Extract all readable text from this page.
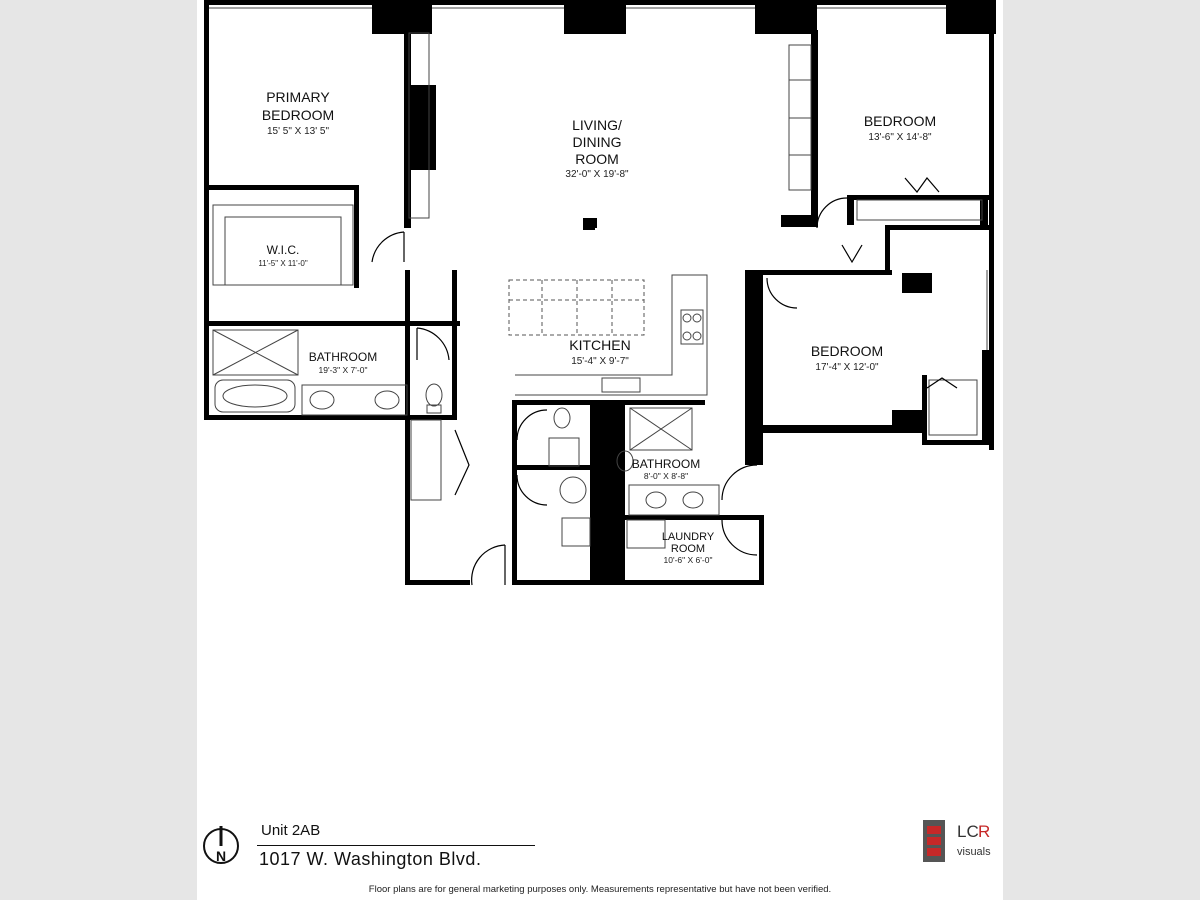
PRIMARY
BEDROOM
15' 5" X 13' 5"	LIVING/
DINING
ROOM
32'-0" X 19'-8"
BEDROOM
13'-6" X 14'-8"
W.I.C.
11'-5" X 11'-0"
BATHROOM
19'-3" X 7'-0"
KITCHEN
15'-4" X 9'-7"
BEDROOM
17'-4" X 12'-0"
BATHROOM
8'-0" X 8'-8"
LAUNDRY
ROOM
10'-6" X 6'-0"
N
Unit 2AB
1017 W. Washington Blvd.
LC R
visuals
Floor plans are for general marketing purposes only. Measurements representative but have not been verified.
